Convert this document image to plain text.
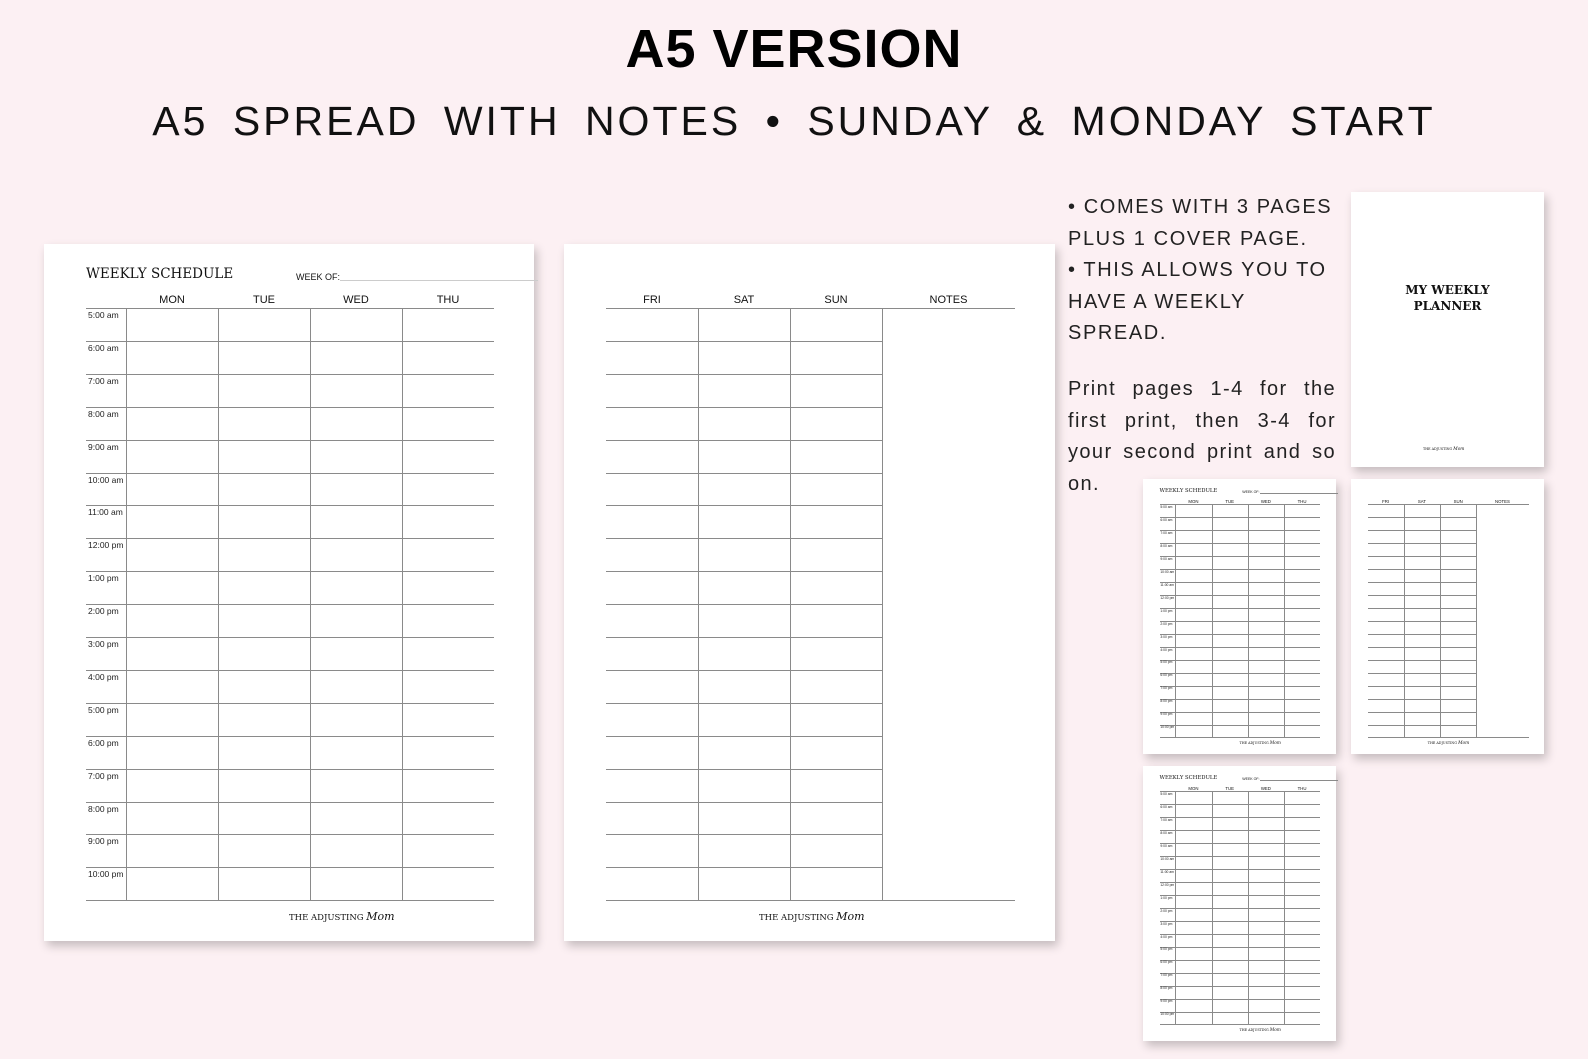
A5 VERSION
A5 SPREAD WITH NOTES • SUNDAY & MONDAY START
WEEKLY SCHEDULE	WEEK OF:
MON	TUE	WED	THU
5:00 am
6:00 am
7:00 am
8:00 am
9:00 am
10:00 am
11:00 am
12:00 pm
1:00 pm
2:00 pm
3:00 pm
4:00 pm
5:00 pm
6:00 pm
7:00 pm
8:00 pm
9:00 pm
10:00 pm
THE ADJUSTING Mom
FRI	SAT	SUN	NOTES
THE ADJUSTING Mom

• COMES WITH 3 PAGES PLUS 1 COVER PAGE.

• THIS ALLOWS YOU TO HAVE A WEEKLY SPREAD.

Print pages 1-4 for the first print, then 3-4 for your second print and so on.

MY WEEKLY
PLANNER
THE ADJUSTING Mom
MON	TUE	WED	THU
5:00 am
6:00 am
7:00 am
8:00 am
9:00 am
10:00 am
11:00 am
12:00 pm
1:00 pm
2:00 pm
3:00 pm
4:00 pm
5:00 pm
6:00 pm
7:00 pm
8:00 pm
9:00 pm
10:00 pm
WEEKLY SCHEDULE	WEEK OF:
THE ADJUSTING Mom
FRI	SAT	SUN	NOTES
THE ADJUSTING Mom
MON	TUE	WED	THU
5:00 am
6:00 am
7:00 am
8:00 am
9:00 am
10:00 am
11:00 am
12:00 pm
1:00 pm
2:00 pm
3:00 pm
4:00 pm
5:00 pm
6:00 pm
7:00 pm
8:00 pm
9:00 pm
10:00 pm
WEEKLY SCHEDULE	WEEK OF:
THE ADJUSTING Mom
